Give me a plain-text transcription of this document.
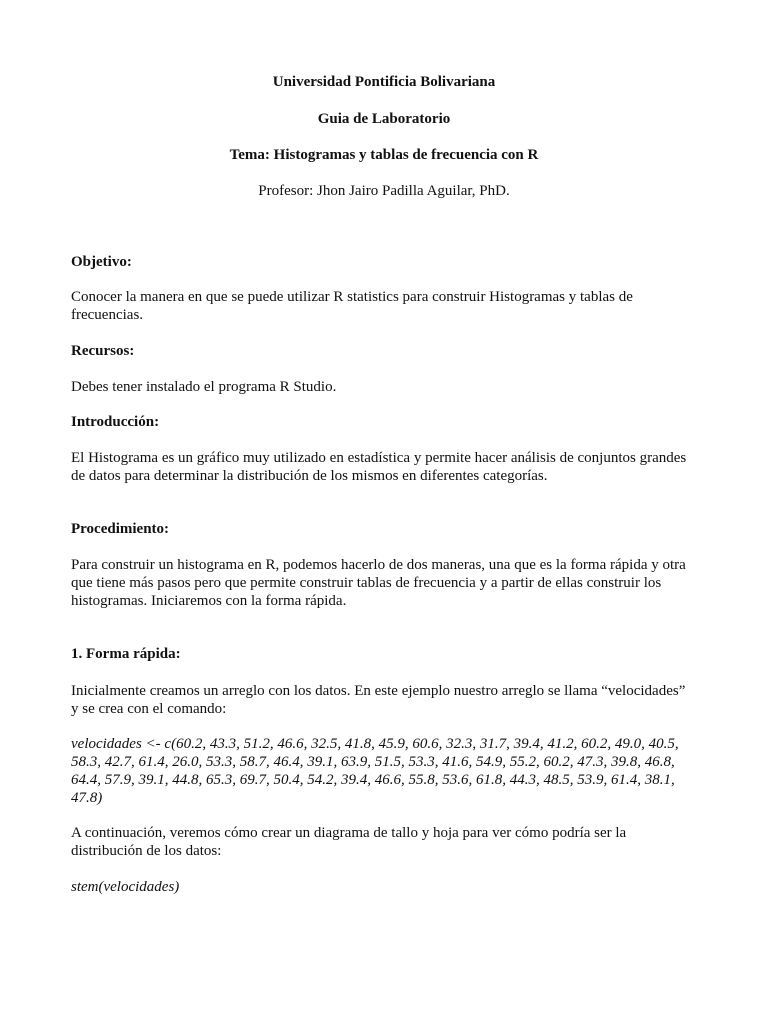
Universidad Pontificia Bolivariana
Guia de Laboratorio
Tema: Histogramas y tablas de frecuencia con R
Profesor: Jhon Jairo Padilla Aguilar, PhD.
Objetivo:

Conocer la manera en que se puede utilizar R statistics para construir Histogramas y tablas de

frecuencias.

Recursos:

Debes tener instalado el programa R Studio.

Introducción:

El Histograma es un gráfico muy utilizado en estadística y permite hacer análisis de conjuntos grandes

de datos para determinar la distribución de los mismos en diferentes categorías.

Procedimiento:

Para construir un histograma en R, podemos hacerlo de dos maneras, una que es la forma rápida y otra

que tiene más pasos pero que permite construir tablas de frecuencia y a partir de ellas construir los

histogramas. Iniciaremos con la forma rápida.

1. Forma rápida:

Inicialmente creamos un arreglo con los datos. En este ejemplo nuestro arreglo se llama “velocidades”

y se crea con el comando:

velocidades <- c(60.2, 43.3, 51.2, 46.6, 32.5, 41.8, 45.9, 60.6, 32.3, 31.7, 39.4, 41.2, 60.2, 49.0, 40.5,

58.3, 42.7, 61.4, 26.0, 53.3, 58.7, 46.4, 39.1, 63.9, 51.5, 53.3, 41.6, 54.9, 55.2, 60.2, 47.3, 39.8, 46.8,

64.4, 57.9, 39.1, 44.8, 65.3, 69.7, 50.4, 54.2, 39.4, 46.6, 55.8, 53.6, 61.8, 44.3, 48.5, 53.9, 61.4, 38.1,

47.8)

A continuación, veremos cómo crear un diagrama de tallo y hoja para ver cómo podría ser la

distribución de los datos:

stem(velocidades)
